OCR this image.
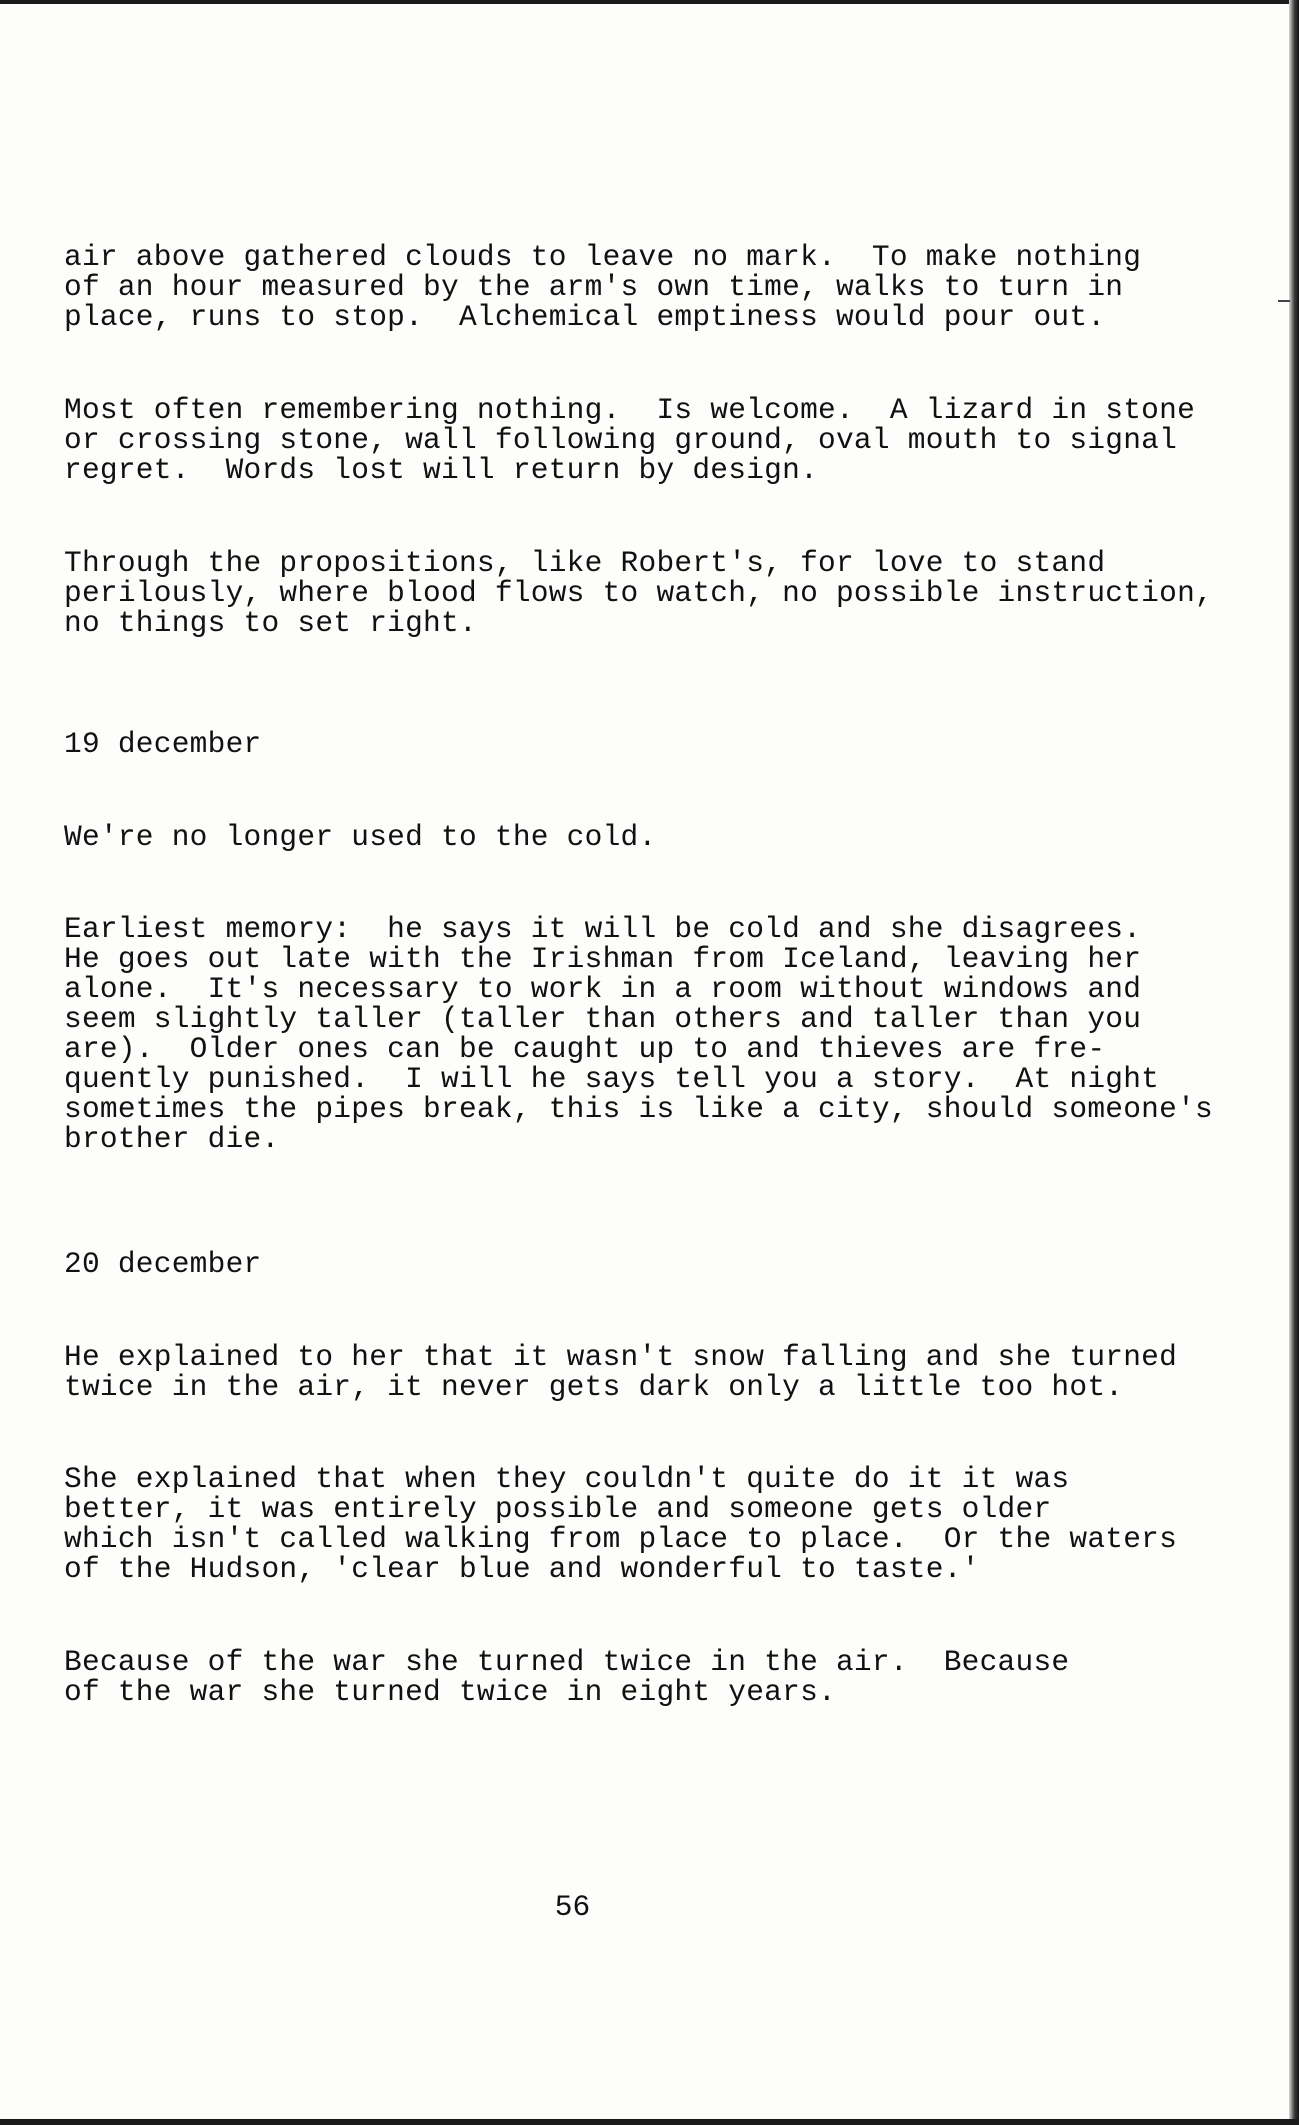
air above gathered clouds to leave no mark.  To make nothing
of an hour measured by the arm's own time, walks to turn in
place, runs to stop.  Alchemical emptiness would pour out.
Most often remembering nothing.  Is welcome.  A lizard in stone
or crossing stone, wall following ground, oval mouth to signal
regret.  Words lost will return by design.
Through the propositions, like Robert's, for love to stand
perilously, where blood flows to watch, no possible instruction,
no things to set right.
19 december
We're no longer used to the cold.
Earliest memory:  he says it will be cold and she disagrees.
He goes out late with the Irishman from Iceland, leaving her
alone.  It's necessary to work in a room without windows and
seem slightly taller (taller than others and taller than you
are).  Older ones can be caught up to and thieves are fre-
quently punished.  I will he says tell you a story.  At night
sometimes the pipes break, this is like a city, should someone's
brother die.
20 december
He explained to her that it wasn't snow falling and she turned
twice in the air, it never gets dark only a little too hot.
She explained that when they couldn't quite do it it was
better, it was entirely possible and someone gets older
which isn't called walking from place to place.  Or the waters
of the Hudson, 'clear blue and wonderful to taste.'
Because of the war she turned twice in the air.  Because
of the war she turned twice in eight years.
56
